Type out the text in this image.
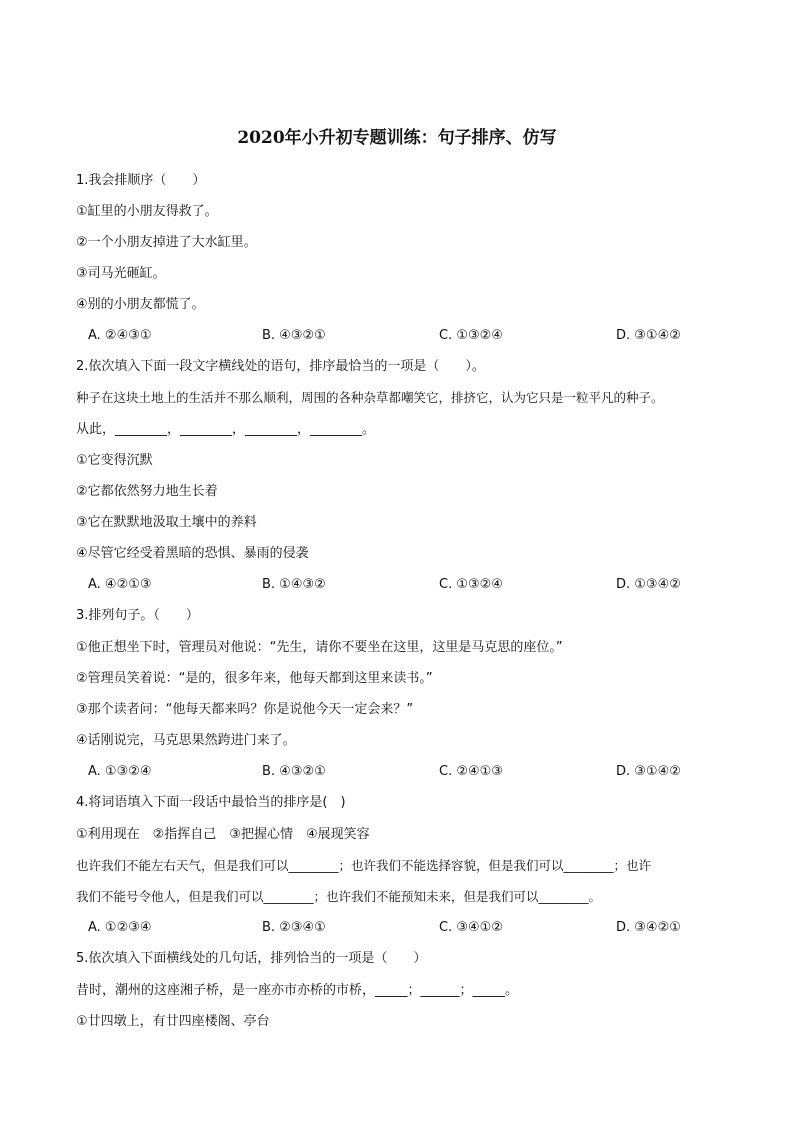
2020年小升初专题训练：句子排序、仿写
1.我会排顺序（　　）
①缸里的小朋友得救了。
②一个小朋友掉进了大水缸里。
③司马光砸缸。
④别的小朋友都慌了。
A. ②④③①	B. ④③②①	C. ①③②④	D. ③①④②
2.依次填入下面一段文字横线处的语句，排序最恰当的一项是（　　）。
种子在这块土地上的生活并不那么顺利，周围的各种杂草都嘲笑它，排挤它，认为它只是一粒平凡的种子。
从此，________，________，________，________。
①它变得沉默
②它都依然努力地生长着
③它在默默地汲取土壤中的养料
④尽管它经受着黑暗的恐惧、暴雨的侵袭
A. ④②①③	B. ①④③②	C. ①③②④	D. ①③④②
3.排列句子。（　　）
①他正想坐下时，管理员对他说：“先生，请你不要坐在这里，这里是马克思的座位。”
②管理员笑着说：“是的，很多年来，他每天都到这里来读书。”
③那个读者问：“他每天都来吗？你是说他今天一定会来？”
④话刚说完，马克思果然跨进门来了。
A. ①③②④	B. ④③②①	C. ②④①③	D. ③①④②
4.将词语填入下面一段话中最恰当的排序是(　)
①利用现在　②指挥自己　③把握心情　④展现笑容
也许我们不能左右天气，但是我们可以________；也许我们不能选择容貌，但是我们可以________；也许
我们不能号令他人，但是我们可以________；也许我们不能预知未来，但是我们可以________。
A. ①②③④	B. ②③④①	C. ③④①②	D. ③④②①
5.依次填入下面横线处的几句话，排列恰当的一项是（　　）
昔时，潮州的这座湘子桥，是一座亦市亦桥的市桥，_____；______；_____。
①廿四墩上，有廿四座楼阁、亭台
